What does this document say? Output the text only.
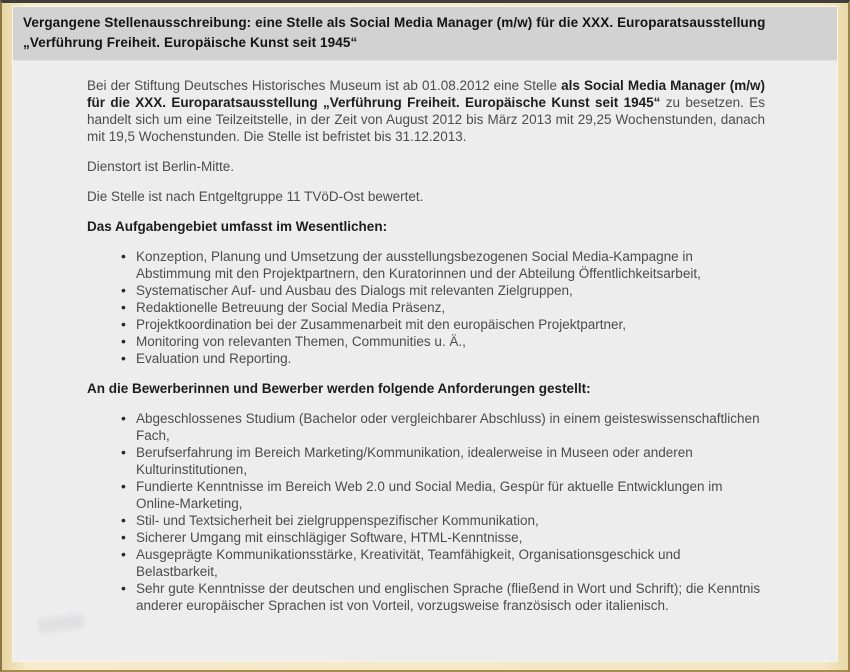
Vergangene Stellenausschreibung: eine Stelle als Social Media Manager (m/w) für die XXX. Europaratsausstellung „Verführung Freiheit. Europäische Kunst seit 1945“

Bei der Stiftung Deutsches Historisches Museum ist ab 01.08.2012 eine Stelle als Social Media Manager (m/w) für die XXX. Europaratsausstellung „Verführung Freiheit. Europäische Kunst seit 1945“ zu besetzen. Es handelt sich um eine Teilzeitstelle, in der Zeit von August 2012 bis März 2013 mit 29,25 Wochenstunden, danach mit 19,5 Wochenstunden. Die Stelle ist befristet bis 31.12.2013.

Dienstort ist Berlin-Mitte.

Die Stelle ist nach Entgeltgruppe 11 TVöD-Ost bewertet.

Das Aufgabengebiet umfasst im Wesentlichen:

• Konzeption, Planung und Umsetzung der ausstellungsbezogenen Social Media-Kampagne in Abstimmung mit den Projektpartnern, den Kuratorinnen und der Abteilung Öffentlichkeitsarbeit,
• Systematischer Auf- und Ausbau des Dialogs mit relevanten Zielgruppen,
• Redaktionelle Betreuung der Social Media Präsenz,
• Projektkoordination bei der Zusammenarbeit mit den europäischen Projektpartner,
• Monitoring von relevanten Themen, Communities u. Ä.,
• Evaluation und Reporting.

An die Bewerberinnen und Bewerber werden folgende Anforderungen gestellt:

• Abgeschlossenes Studium (Bachelor oder vergleichbarer Abschluss) in einem geisteswissenschaftlichen Fach,
• Berufserfahrung im Bereich Marketing/Kommunikation, idealerweise in Museen oder anderen Kulturinstitutionen,
• Fundierte Kenntnisse im Bereich Web 2.0 und Social Media, Gespür für aktuelle Entwicklungen im Online-Marketing,
• Stil- und Textsicherheit bei zielgruppenspezifischer Kommunikation,
• Sicherer Umgang mit einschlägiger Software, HTML-Kenntnisse,
• Ausgeprägte Kommunikationsstärke, Kreativität, Teamfähigkeit, Organisationsgeschick und Belastbarkeit,
• Sehr gute Kenntnisse der deutschen und englischen Sprache (fließend in Wort und Schrift); die Kenntnis anderer europäischer Sprachen ist von Vorteil, vorzugsweise französisch oder italienisch.
